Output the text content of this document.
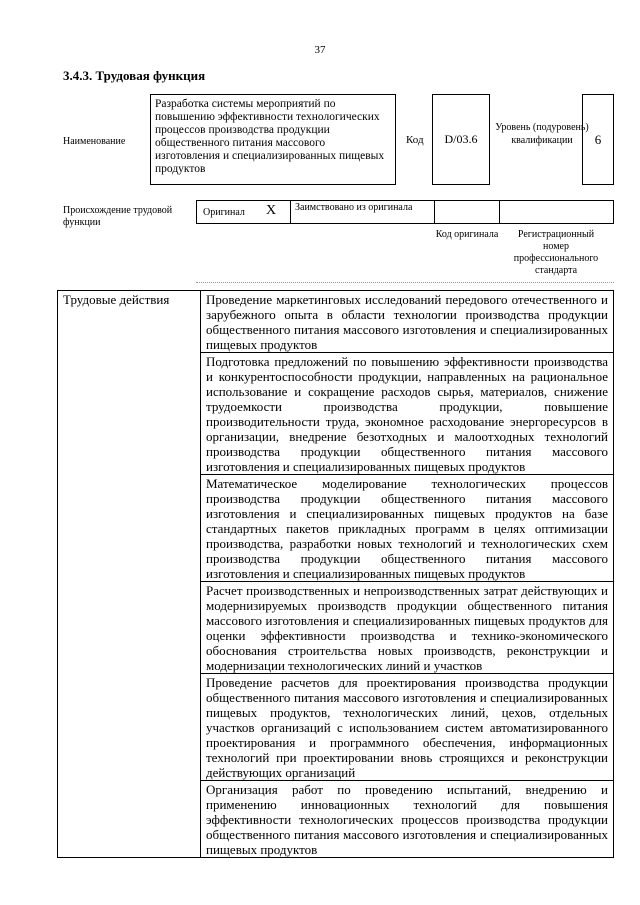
37
3.4.3. Трудовая функция
Наименование
Разработка системы мероприятий по повышению эффективности технологических процессов производства продукции общественного питания массового изготовления и специализированных пищевых продуктов
Код D/03.6
Уровень (подуровень) квалификации	6
Происхождение трудовой функции
Оригинал	X	Заимствовано из оригинала
Код оригинала	Регистрационный номер профессионального стандарта
Трудовые действия	Проведение маркетинговых исследований передового отечественного и зарубежного опыта в области технологии производства продукции общественного питания массового изготовления и специализированных пищевых продуктов
Подготовка предложений по повышению эффективности производства и конкурентоспособности продукции, направленных на рациональное использование и сокращение расходов сырья, материалов, снижение трудоемкости производства продукции, повышение производительности труда, экономное расходование энергоресурсов в организации, внедрение безотходных и малоотходных технологий производства продукции общественного питания массового изготовления и специализированных пищевых продуктов
Математическое моделирование технологических процессов производства продукции общественного питания массового изготовления и специализированных пищевых продуктов на базе стандартных пакетов прикладных программ в целях оптимизации производства, разработки новых технологий и технологических схем производства продукции общественного питания массового изготовления и специализированных пищевых продуктов
Расчет производственных и непроизводственных затрат действующих и модернизируемых производств продукции общественного питания массового изготовления и специализированных пищевых продуктов для оценки эффективности производства и технико-экономического обоснования строительства новых производств, реконструкции и модернизации технологических линий и участков
Проведение расчетов для проектирования производства продукции общественного питания массового изготовления и специализированных пищевых продуктов, технологических линий, цехов, отдельных участков организаций с использованием систем автоматизированного проектирования и программного обеспечения, информационных технологий при проектировании вновь строящихся и реконструкции действующих организаций
Организация работ по проведению испытаний, внедрению и применению инновационных технологий для повышения эффективности технологических процессов производства продукции общественного питания массового изготовления и специализированных пищевых продуктов
